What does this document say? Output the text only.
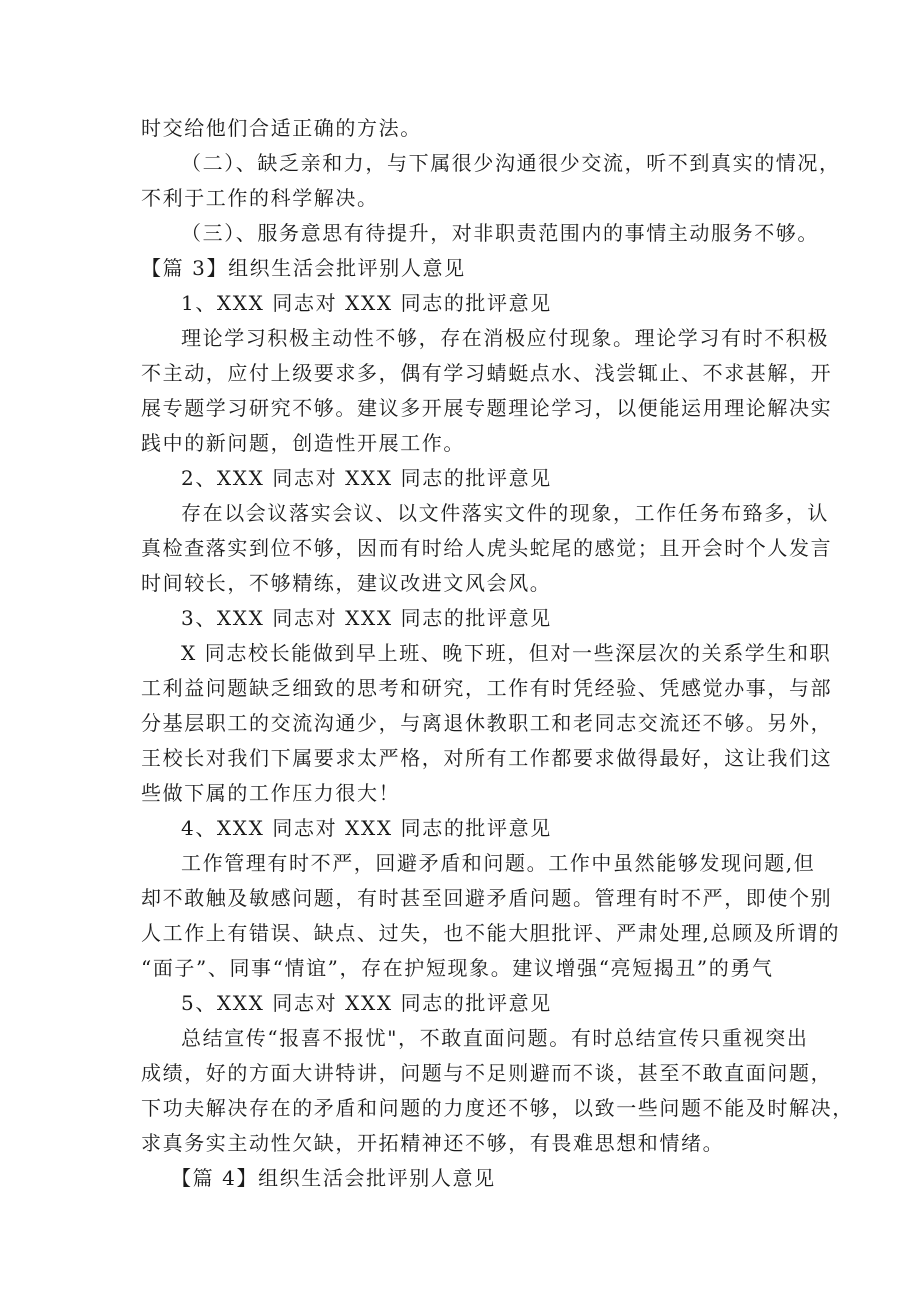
时交给他们合适正确的方法。
（二）、缺乏亲和力，与下属很少沟通很少交流，听不到真实的情况，
不利于工作的科学解决。
（三）、服务意思有待提升，对非职责范围内的事情主动服务不够。
【篇 3】组织生活会批评别人意见
1、XXX 同志对 XXX 同志的批评意见
理论学习积极主动性不够，存在消极应付现象。理论学习有时不积极
不主动，应付上级要求多，偶有学习蜻蜓点水、浅尝辄止、不求甚解，开
展专题学习研究不够。建议多开展专题理论学习，以便能运用理论解决实
践中的新问题，创造性开展工作。
2、XXX 同志对 XXX 同志的批评意见
存在以会议落实会议、以文件落实文件的现象，工作任务布臵多，认
真检查落实到位不够，因而有时给人虎头蛇尾的感觉；且开会时个人发言
时间较长，不够精练，建议改进文风会风。
3、XXX 同志对 XXX 同志的批评意见
X 同志校长能做到早上班、晚下班，但对一些深层次的关系学生和职
工利益问题缺乏细致的思考和研究，工作有时凭经验、凭感觉办事，与部
分基层职工的交流沟通少，与离退休教职工和老同志交流还不够。另外，
王校长对我们下属要求太严格，对所有工作都要求做得最好，这让我们这
些做下属的工作压力很大！
4、XXX 同志对 XXX 同志的批评意见
工作管理有时不严，回避矛盾和问题。工作中虽然能够发现问题,但
却不敢触及敏感问题，有时甚至回避矛盾问题。管理有时不严，即使个别
人工作上有错误、缺点、过失，也不能大胆批评、严肃处理,总顾及所谓的
“面子”、同事“情谊”，存在护短现象。建议增强“亮短揭丑”的勇气
5、XXX 同志对 XXX 同志的批评意见
总结宣传“报喜不报忧"，不敢直面问题。有时总结宣传只重视突出
成绩，好的方面大讲特讲，问题与不足则避而不谈，甚至不敢直面问题，
下功夫解决存在的矛盾和问题的力度还不够，以致一些问题不能及时解决，
求真务实主动性欠缺，开拓精神还不够，有畏难思想和情绪。
【篇 4】组织生活会批评别人意见
